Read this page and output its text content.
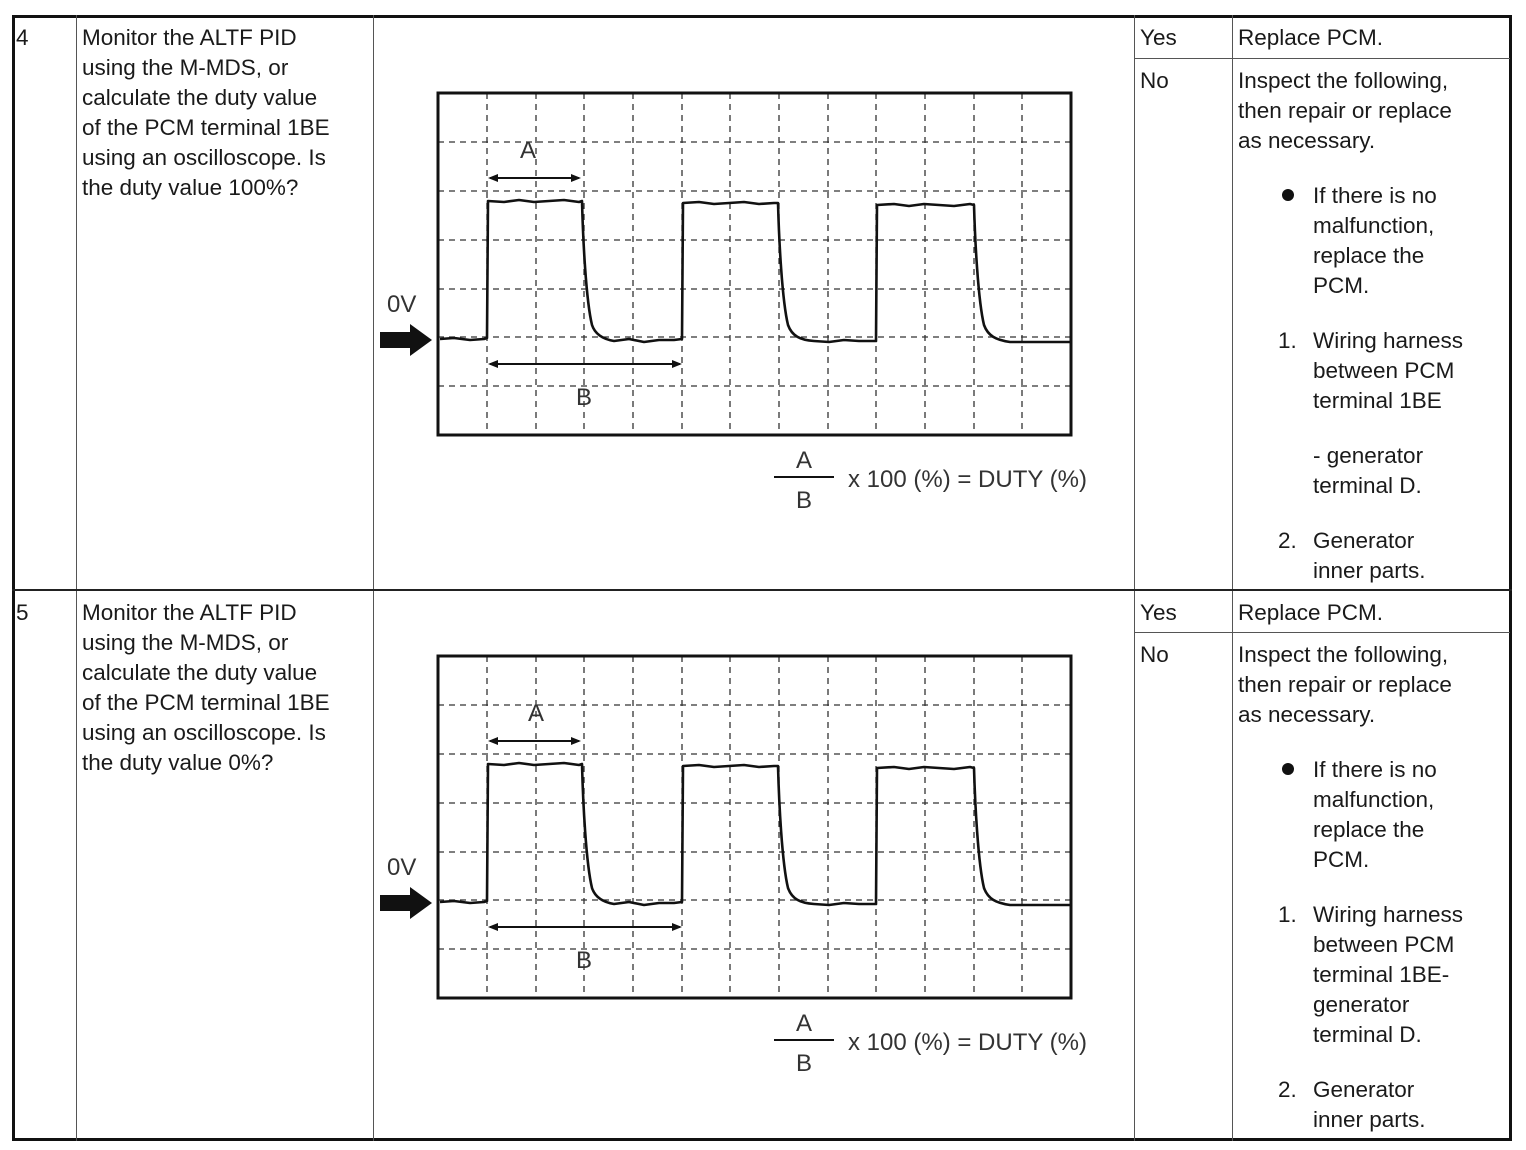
4 Monitor the ALTF PID
using the M-MDS, or
calculate the duty value
of the PCM terminal 1BE
using an oscilloscope. Is
the duty value 100%?
A
B
0V
A
B
x 100 (%) = DUTY (%)
Yes	Replace PCM.
No	Inspect the following,
then repair or replace
as necessary.
If there is no
malfunction,
replace the
PCM.
1. Wiring harness
between PCM
terminal 1BE
- generator
terminal D.
2. Generator
inner parts.
5 Monitor the ALTF PID
using the M-MDS, or
calculate the duty value
of the PCM terminal 1BE
using an oscilloscope. Is
the duty value 0%?
A
B
0V
A
B
x 100 (%) = DUTY (%)
Yes	Replace PCM.
No	Inspect the following,
then repair or replace
as necessary.
If there is no
malfunction,
replace the
PCM.
1. Wiring harness
between PCM
terminal 1BE-
generator
terminal D.
2. Generator
inner parts.
